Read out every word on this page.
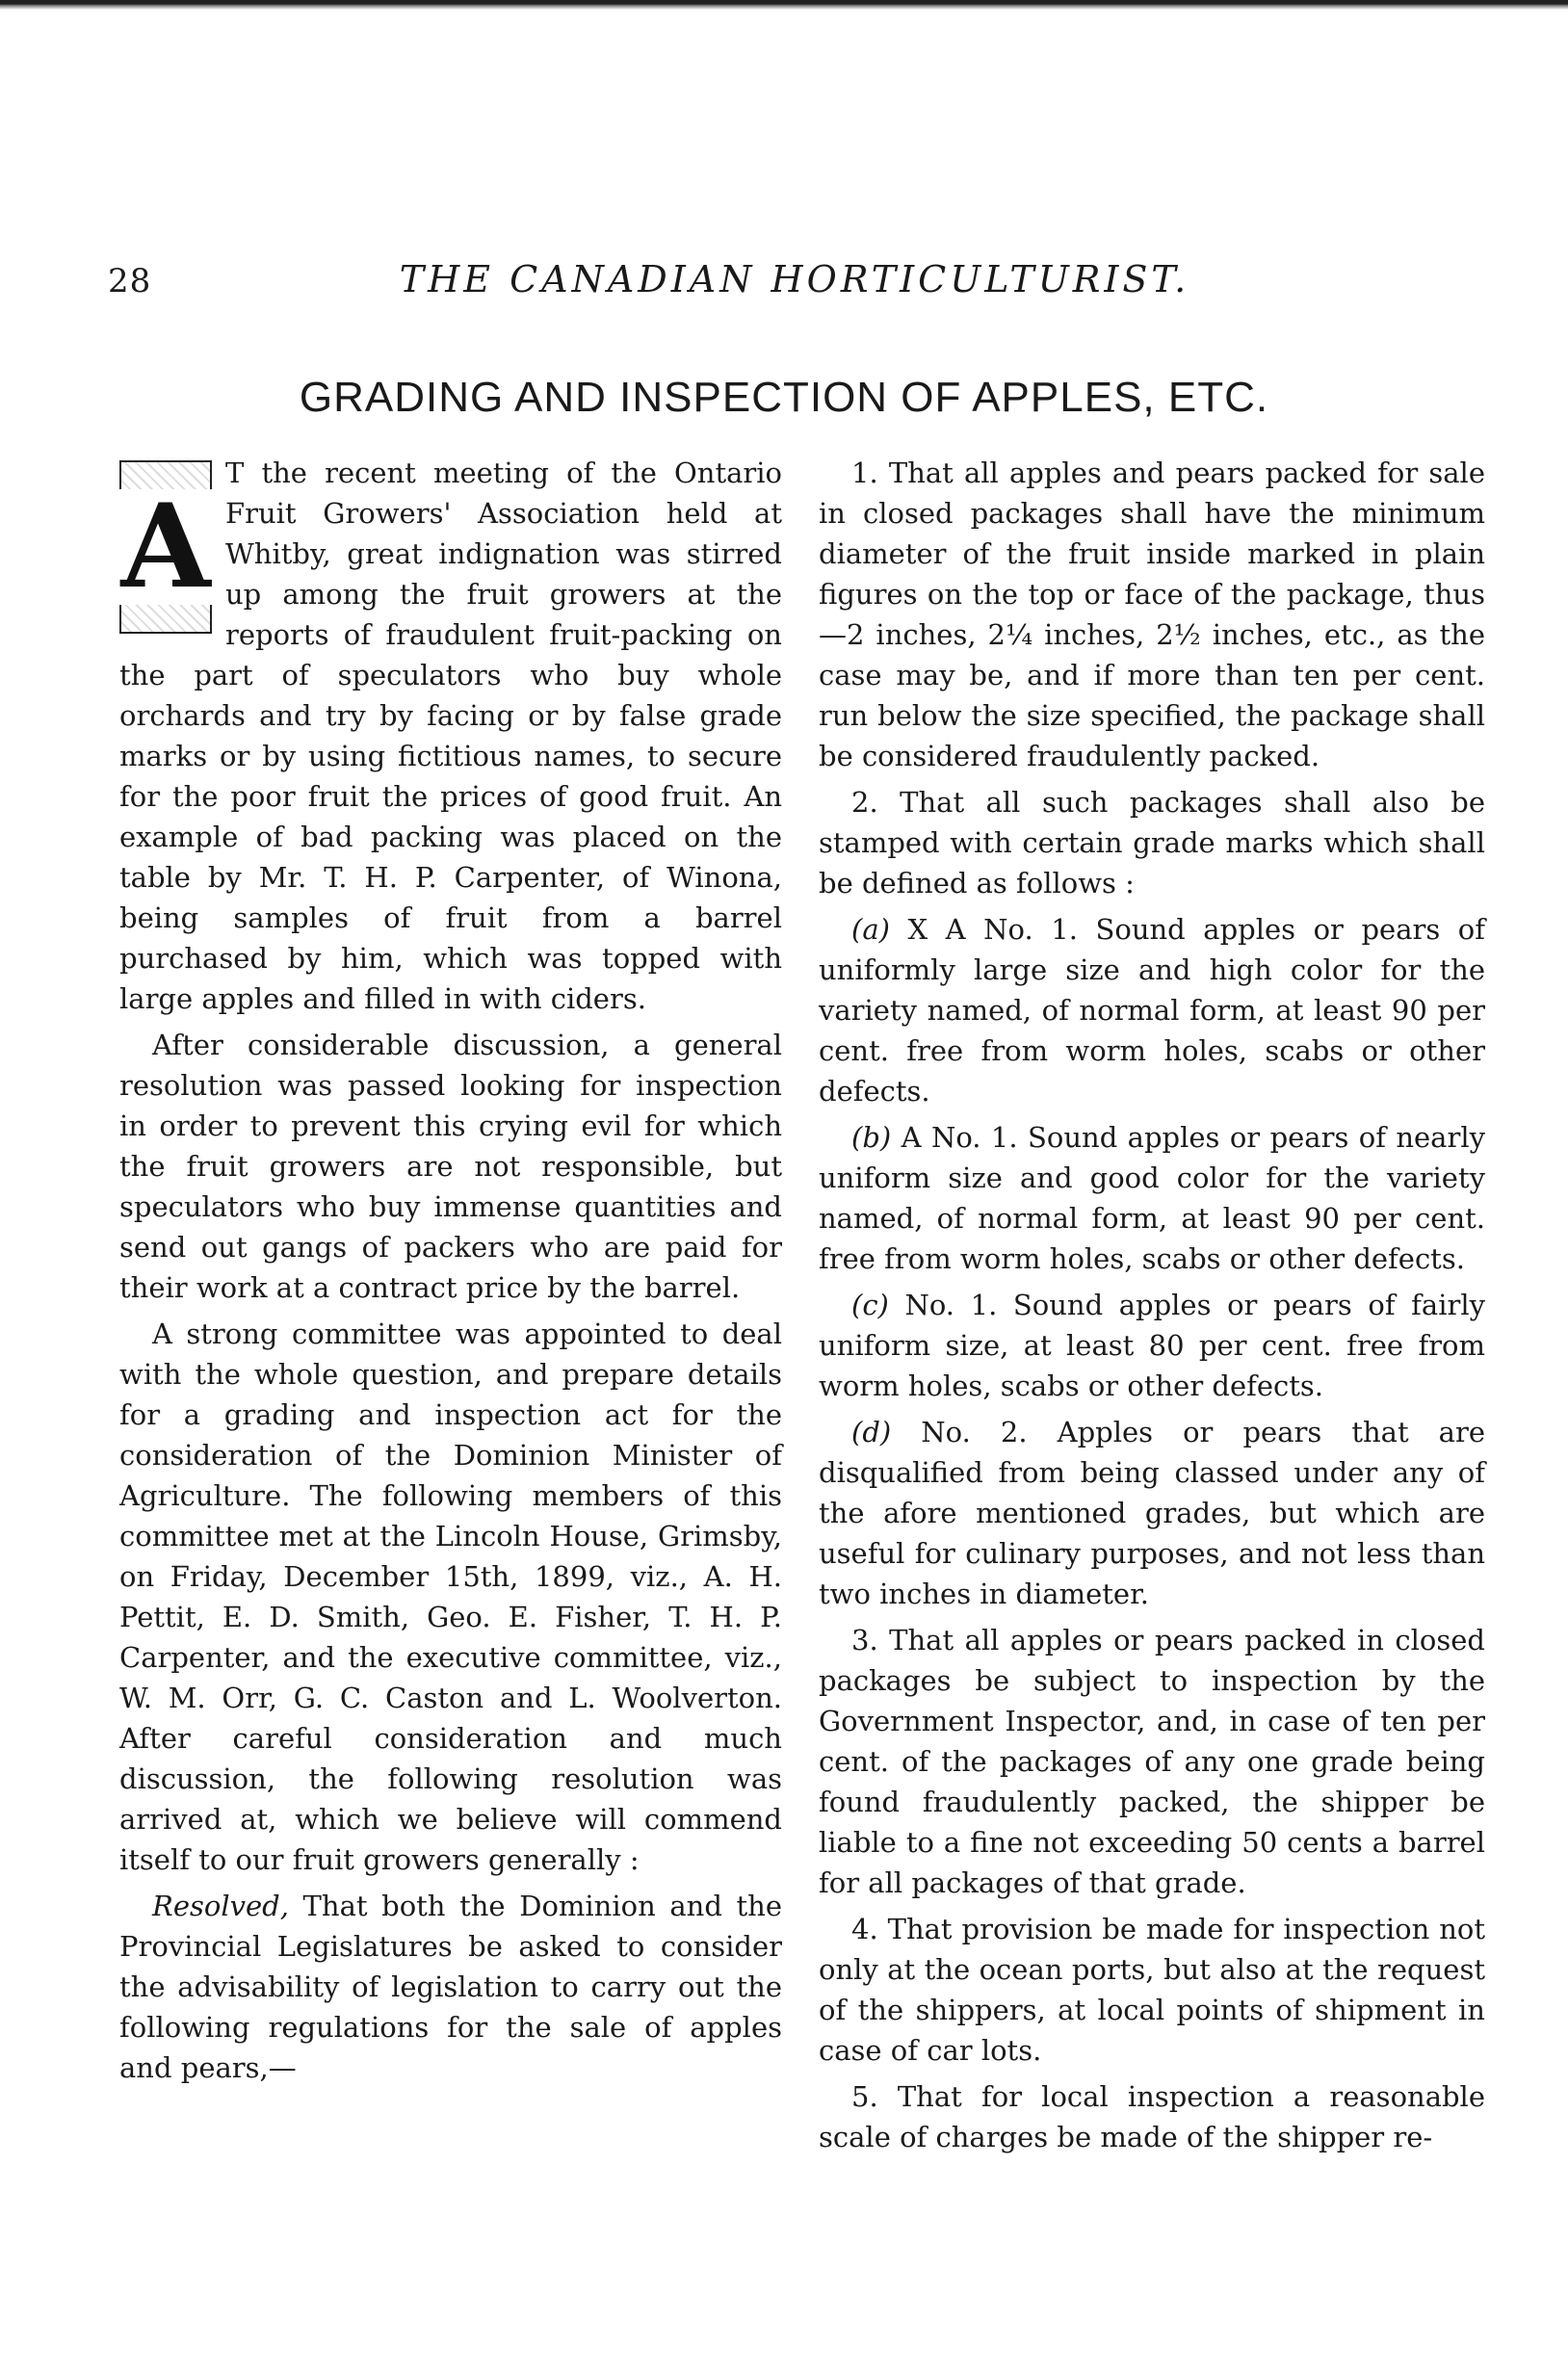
28	THE CANADIAN HORTICULTURIST.
GRADING AND INSPECTION OF APPLES, ETC.

A
T the recent meeting of the Ontario Fruit Growers' Association held at Whitby, great indignation was stirred up among the fruit growers at the reports of fraudulent fruit-packing on the part of speculators who buy whole orchards and try by facing or by false grade marks or by using fictitious names, to secure for the poor fruit the prices of good fruit. An example of bad packing was placed on the table by Mr. T. H. P. Carpenter, of Winona, being samples of fruit from a barrel purchased by him, which was topped with large apples and filled in with ciders.

After considerable discussion, a general resolution was passed looking for inspection in order to prevent this crying evil for which the fruit growers are not responsible, but speculators who buy immense quantities and send out gangs of packers who are paid for their work at a contract price by the barrel.

A strong committee was appointed to deal with the whole question, and prepare details for a grading and inspection act for the consideration of the Dominion Minister of Agriculture. The following members of this committee met at the Lincoln House, Grimsby, on Friday, December 15th, 1899, viz., A. H. Pettit, E. D. Smith, Geo. E. Fisher, T. H. P. Carpenter, and the executive committee, viz., W. M. Orr, G. C. Caston and L. Woolverton. After careful consideration and much discussion, the following resolution was arrived at, which we believe will commend itself to our fruit growers generally :

Resolved, That both the Dominion and the Provincial Legislatures be asked to consider the advisability of legislation to carry out the following regulations for the sale of apples and pears,—

1. That all apples and pears packed for sale in closed packages shall have the minimum diameter of the fruit inside marked in plain figures on the top or face of the package, thus—2 inches, 2¼ inches, 2½ inches, etc., as the case may be, and if more than ten per cent. run below the size specified, the package shall be considered fraudulently packed.

2. That all such packages shall also be stamped with certain grade marks which shall be defined as follows :

(a) X A No. 1. Sound apples or pears of uniformly large size and high color for the variety named, of normal form, at least 90 per cent. free from worm holes, scabs or other defects.

(b) A No. 1. Sound apples or pears of nearly uniform size and good color for the variety named, of normal form, at least 90 per cent. free from worm holes, scabs or other defects.

(c) No. 1. Sound apples or pears of fairly uniform size, at least 80 per cent. free from worm holes, scabs or other defects.

(d) No. 2. Apples or pears that are disqualified from being classed under any of the afore mentioned grades, but which are useful for culinary purposes, and not less than two inches in diameter.

3. That all apples or pears packed in closed packages be subject to inspection by the Government Inspector, and, in case of ten per cent. of the packages of any one grade being found fraudulently packed, the shipper be liable to a fine not exceeding 50 cents a barrel for all packages of that grade.

4. That provision be made for inspection not only at the ocean ports, but also at the request of the shippers, at local points of shipment in case of car lots.

5. That for local inspection a reasonable scale of charges be made of the shipper re-
